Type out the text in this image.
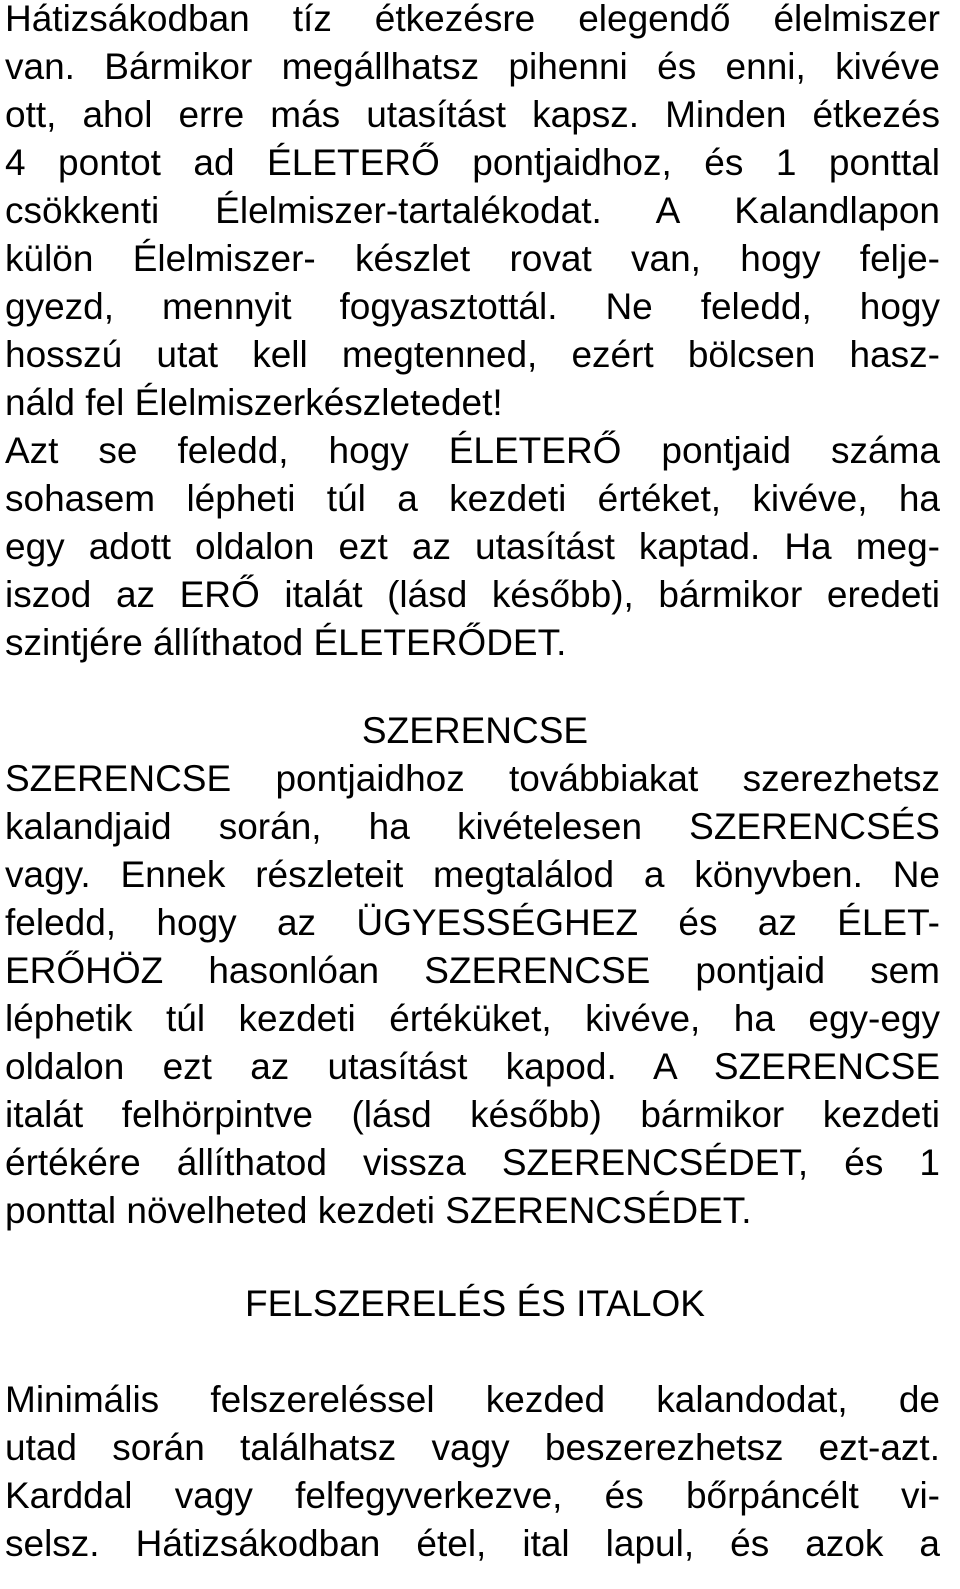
Hátizsákodban tíz étkezésre elegendő élelmiszer
van. Bármikor megállhatsz pihenni és enni, kivéve
ott, ahol erre más utasítást kapsz. Minden étkezés
4 pontot ad ÉLETERŐ pontjaidhoz, és 1 ponttal
csökkenti Élelmiszer-tartalékodat. A Kalandlapon
külön Élelmiszer- készlet rovat van, hogy felje-
gyezd, mennyit fogyasztottál. Ne feledd, hogy
hosszú utat kell megtenned, ezért bölcsen hasz-
náld fel Élelmiszerkészletedet!
Azt se feledd, hogy ÉLETERŐ pontjaid száma
sohasem lépheti túl a kezdeti értéket, kivéve, ha
egy adott oldalon ezt az utasítást kaptad. Ha meg-
iszod az ERŐ italát (lásd később), bármikor eredeti
szintjére állíthatod ÉLETERŐDET.
SZERENCSE
SZERENCSE pontjaidhoz továbbiakat szerezhetsz
kalandjaid során, ha kivételesen SZERENCSÉS
vagy. Ennek részleteit megtalálod a könyvben. Ne
feledd, hogy az ÜGYESSÉGHEZ és az ÉLET-
ERŐHÖZ hasonlóan SZERENCSE pontjaid sem
léphetik túl kezdeti értéküket, kivéve, ha egy-egy
oldalon ezt az utasítást kapod. A SZERENCSE
italát felhörpintve (lásd később) bármikor kezdeti
értékére állíthatod vissza SZERENCSÉDET, és 1
ponttal növelheted kezdeti SZERENCSÉDET.
FELSZERELÉS ÉS ITALOK
Minimális felszereléssel kezded kalandodat, de
utad során találhatsz vagy beszerezhetsz ezt-azt.
Karddal vagy felfegyverkezve, és bőrpáncélt vi-
selsz. Hátizsákodban étel, ital lapul, és azok a
